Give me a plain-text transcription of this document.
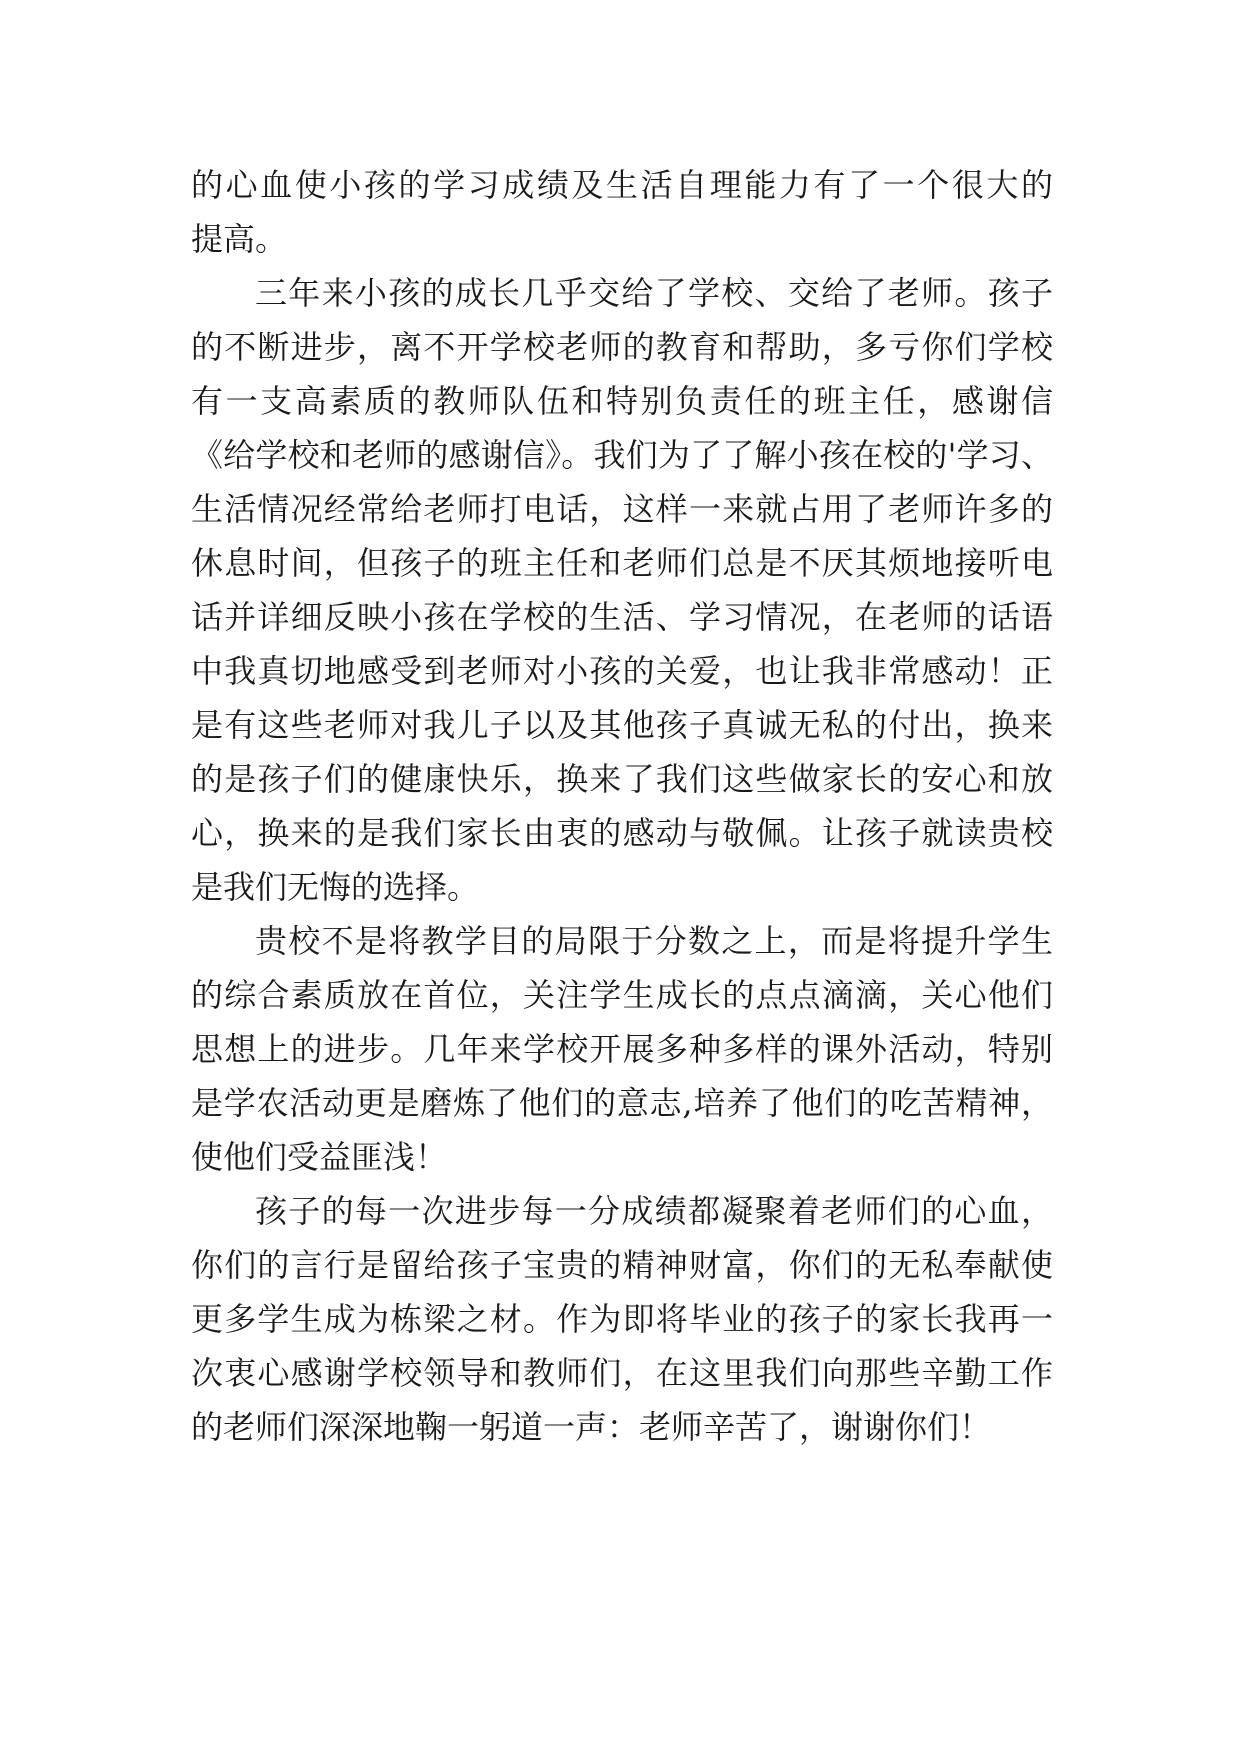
的心血使小孩的学习成绩及生活自理能力有了一个很大的
提高。
三年来小孩的成长几乎交给了学校、交给了老师。孩子
的不断进步，离不开学校老师的教育和帮助，多亏你们学校
有一支高素质的教师队伍和特别负责任的班主任，感谢信
《给学校和老师的感谢信》。我们为了了解小孩在校的'学习、
生活情况经常给老师打电话，这样一来就占用了老师许多的
休息时间，但孩子的班主任和老师们总是不厌其烦地接听电
话并详细反映小孩在学校的生活、学习情况，在老师的话语
中我真切地感受到老师对小孩的关爱，也让我非常感动！正
是有这些老师对我儿子以及其他孩子真诚无私的付出，换来
的是孩子们的健康快乐，换来了我们这些做家长的安心和放
心，换来的是我们家长由衷的感动与敬佩。让孩子就读贵校
是我们无悔的选择。
贵校不是将教学目的局限于分数之上，而是将提升学生
的综合素质放在首位，关注学生成长的点点滴滴，关心他们
思想上的进步。几年来学校开展多种多样的课外活动，特别
是学农活动更是磨炼了他们的意志,培养了他们的吃苦精神，
使他们受益匪浅！
孩子的每一次进步每一分成绩都凝聚着老师们的心血，
你们的言行是留给孩子宝贵的精神财富，你们的无私奉献使
更多学生成为栋梁之材。作为即将毕业的孩子的家长我再一
次衷心感谢学校领导和教师们，在这里我们向那些辛勤工作
的老师们深深地鞠一躬道一声：老师辛苦了，谢谢你们！
